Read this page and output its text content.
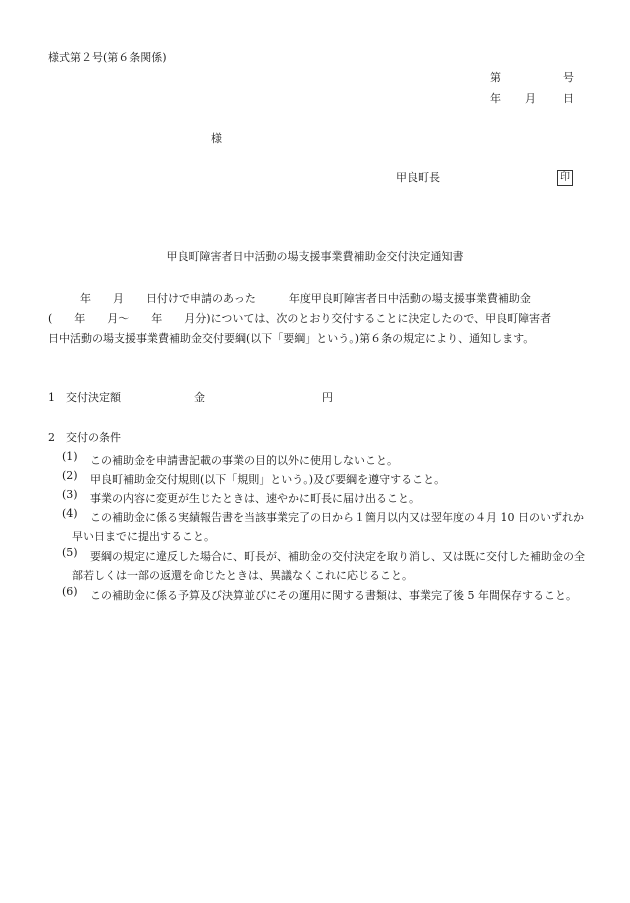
様式第２号(第６条関係)
第	号
年 月 日
様
甲良町長	印
甲良町障害者日中活動の場支援事業費補助金交付決定通知書
年　　月　　日付けで申請のあった　　　年度甲良町障害者日中活動の場支援事業費補助金
(　　年　　月～　　年　　月分)については、次のとおり交付することに決定したので、甲良町障害者
日中活動の場支援事業費補助金交付要綱(以下「要綱」という。)第６条の規定により、通知します。
1　交付決定額	金	円
2　交付の条件
(1)	この補助金を申請書記載の事業の目的以外に使用しないこと。
(2)	甲良町補助金交付規則(以下「規則」という。)及び要綱を遵守すること。
(3)	事業の内容に変更が生じたときは、速やかに町長に届け出ること。
(4)	この補助金に係る実績報告書を当該事業完了の日から１箇月以内又は翌年度の４月 10 日のいずれか早い日までに提出すること。
(5)	要綱の規定に違反した場合に、町長が、補助金の交付決定を取り消し、又は既に交付した補助金の全部若しくは一部の返還を命じたときは、異議なくこれに応じること。
(6)	この補助金に係る予算及び決算並びにその運用に関する書類は、事業完了後 5 年間保存すること。
